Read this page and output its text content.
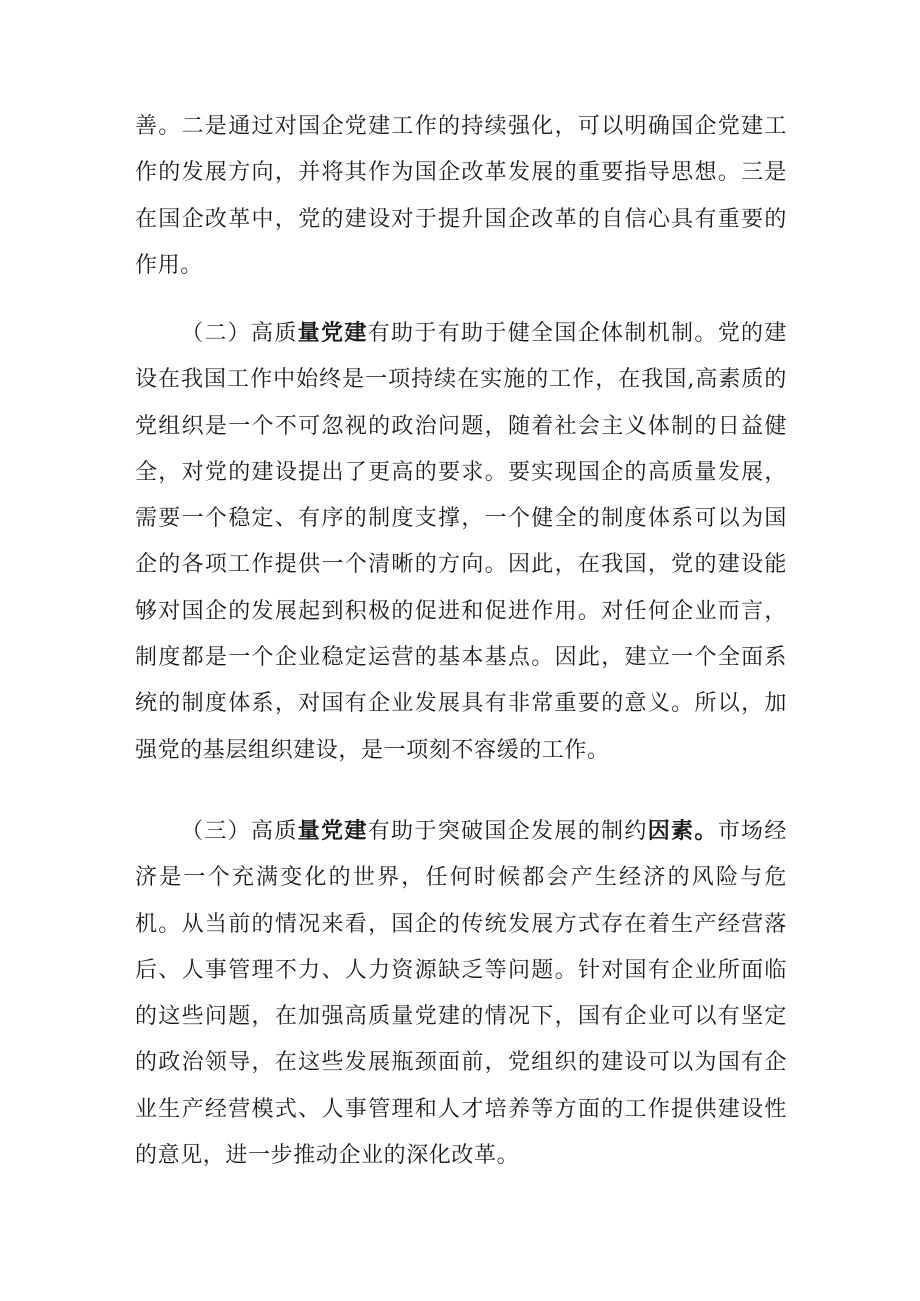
善。二是通过对国企党建工作的持续强化，可以明确国企党建工作的发展方向，并将其作为国企改革发展的重要指导思想。三是在国企改革中，党的建设对于提升国企改革的自信心具有重要的作用。

（二）高质量党建有助于有助于健全国企体制机制。党的建设在我国工作中始终是一项持续在实施的工作，在我国,高素质的党组织是一个不可忽视的政治问题，随着社会主义体制的日益健全，对党的建设提出了更高的要求。要实现国企的高质量发展，需要一个稳定、有序的制度支撑，一个健全的制度体系可以为国企的各项工作提供一个清晰的方向。因此，在我国，党的建设能够对国企的发展起到积极的促进和促进作用。对任何企业而言，制度都是一个企业稳定运营的基本基点。因此，建立一个全面系统的制度体系，对国有企业发展具有非常重要的意义。所以，加强党的基层组织建设，是一项刻不容缓的工作。

（三）高质量党建有助于突破国企发展的制约因素。市场经济是一个充满变化的世界，任何时候都会产生经济的风险与危机。从当前的情况来看，国企的传统发展方式存在着生产经营落后、人事管理不力、人力资源缺乏等问题。针对国有企业所面临的这些问题，在加强高质量党建的情况下，国有企业可以有坚定的政治领导，在这些发展瓶颈面前，党组织的建设可以为国有企业生产经营模式、人事管理和人才培养等方面的工作提供建设性的意见，进一步推动企业的深化改革。
